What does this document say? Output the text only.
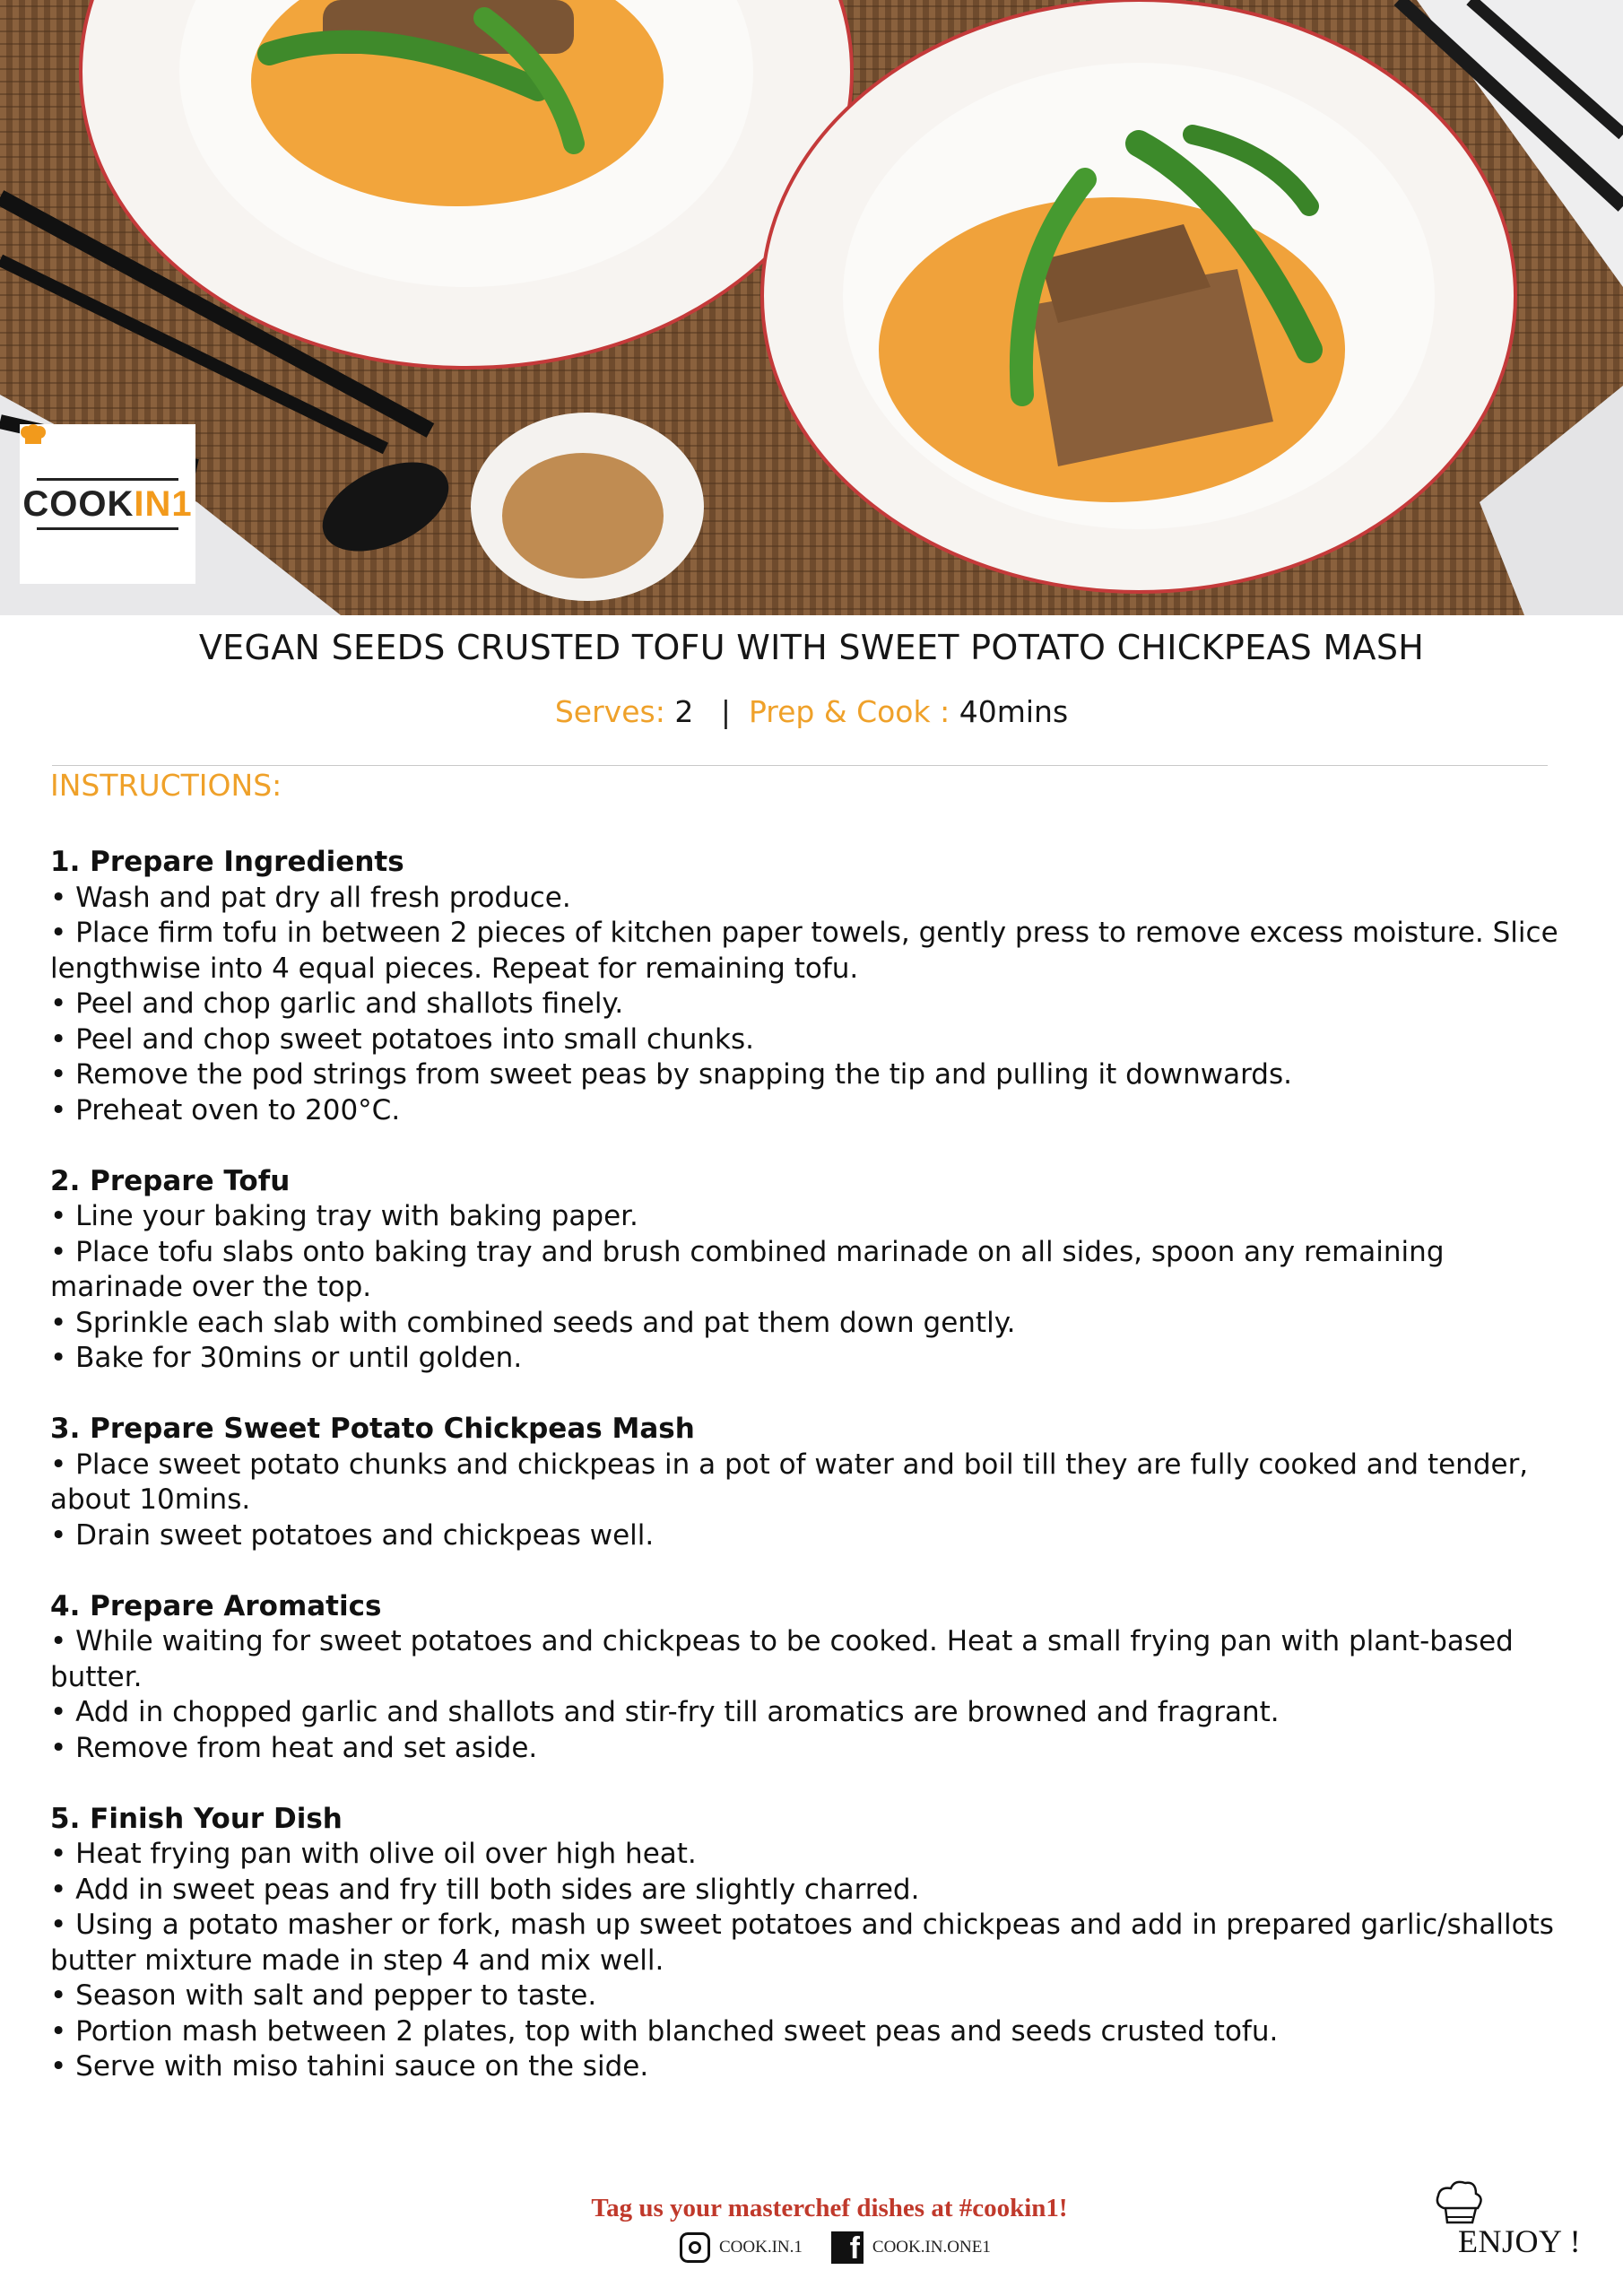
COOKIN1
VEGAN SEEDS CRUSTED TOFU WITH SWEET POTATO CHICKPEAS MASH
Serves: 2 | Prep & Cook : 40mins
INSTRUCTIONS:
1. Prepare Ingredients
• Wash and pat dry all fresh produce.
• Place firm tofu in between 2 pieces of kitchen paper towels, gently press to remove excess moisture. Slice lengthwise into 4 equal pieces. Repeat for remaining tofu.
• Peel and chop garlic and shallots finely.
• Peel and chop sweet potatoes into small chunks.
• Remove the pod strings from sweet peas by snapping the tip and pulling it downwards.
• Preheat oven to 200°C.
2. Prepare Tofu
• Line your baking tray with baking paper.
• Place tofu slabs onto baking tray and brush combined marinade on all sides, spoon any remaining marinade over the top.
• Sprinkle each slab with combined seeds and pat them down gently.
• Bake for 30mins or until golden.
3. Prepare Sweet Potato Chickpeas Mash
• Place sweet potato chunks and chickpeas in a pot of water and boil till they are fully cooked and tender, about 10mins.
• Drain sweet potatoes and chickpeas well.
4. Prepare Aromatics
• While waiting for sweet potatoes and chickpeas to be cooked. Heat a small frying pan with plant-based butter.
• Add in chopped garlic and shallots and stir-fry till aromatics are browned and fragrant.
• Remove from heat and set aside.
5. Finish Your Dish
• Heat frying pan with olive oil over high heat.
• Add in sweet peas and fry till both sides are slightly charred.
• Using a potato masher or fork, mash up sweet potatoes and chickpeas and add in prepared garlic/shallots butter mixture made in step 4 and mix well.
• Season with salt and pepper to taste.
• Portion mash between 2 plates, top with blanched sweet peas and seeds crusted tofu.
• Serve with miso tahini sauce on the side.
Tag us your masterchef dishes at #cookin1!
COOK.IN.1	f COOK.IN.ONE1	ENJOY !
